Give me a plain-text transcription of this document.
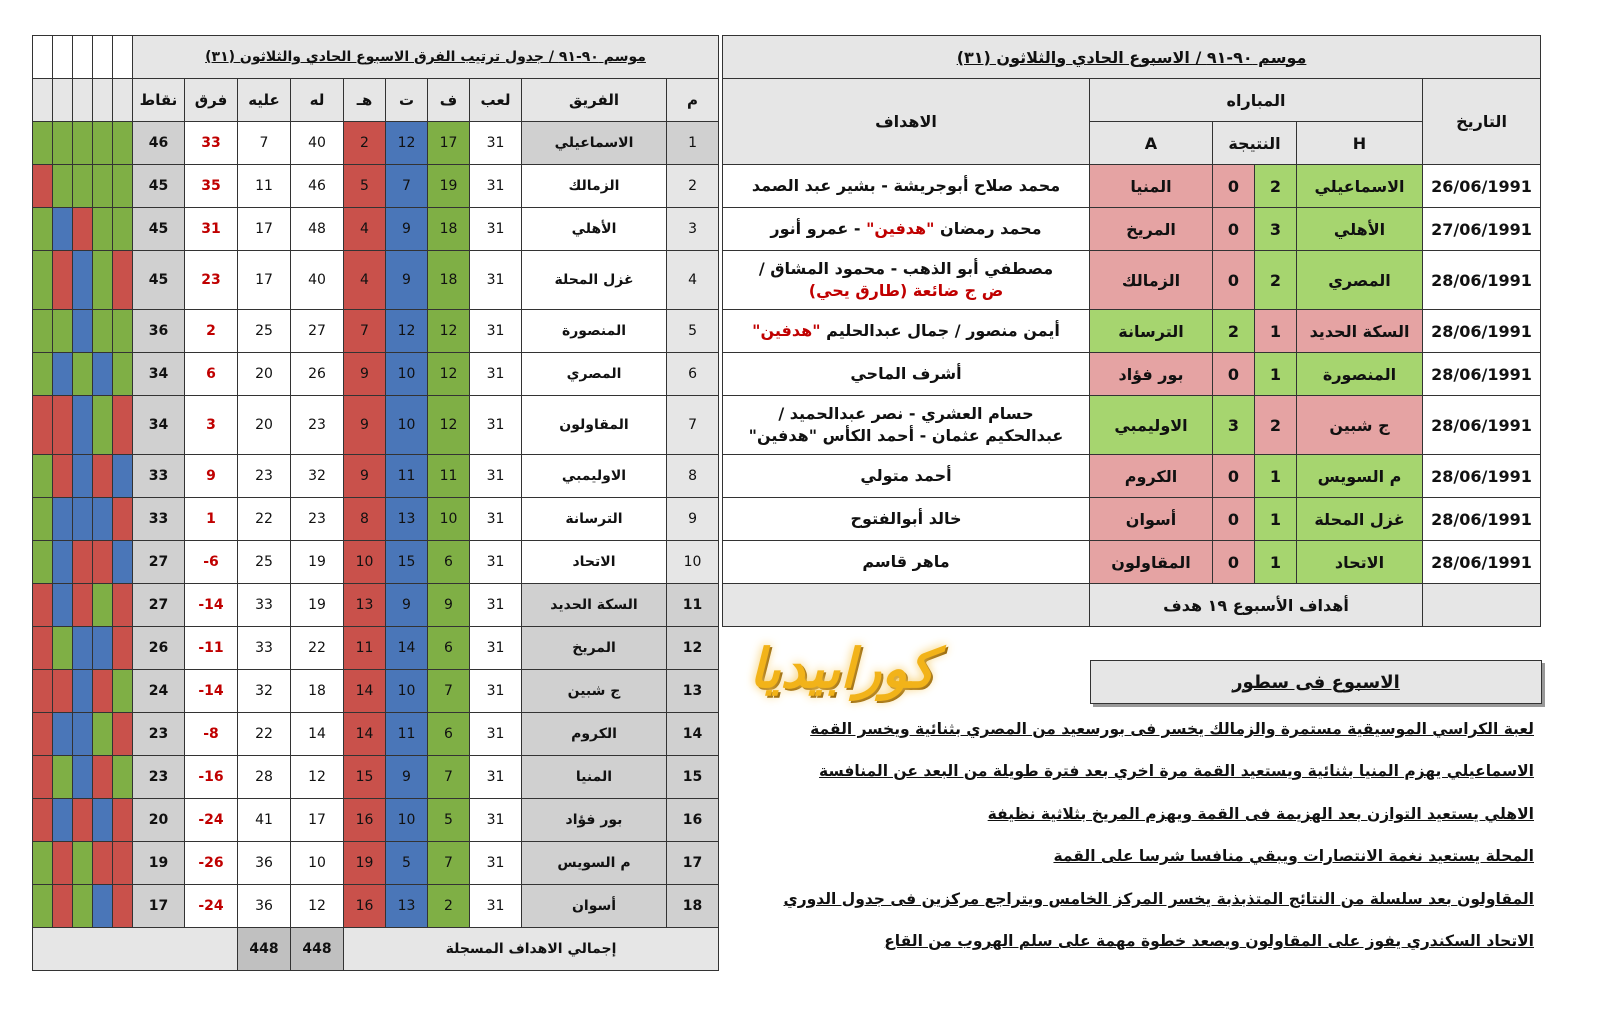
					موسم ٩٠-٩١ / جدول ترتيب الفرق الاسبوع الحادي والثلاثون (٣١)									
					نقاط	فرق	عليه	له	هـ	ت	ف	لعب	الفريق	م
					46	33	7	40	2	12	17	31	الاسماعيلي	1
					45	35	11	46	5	7	19	31	الزمالك	2
					45	31	17	48	4	9	18	31	الأهلي	3
					45	23	17	40	4	9	18	31	غزل المحلة	4
					36	2	25	27	7	12	12	31	المنصورة	5
					34	6	20	26	9	10	12	31	المصري	6
					34	3	20	23	9	10	12	31	المقاولون	7
					33	9	23	32	9	11	11	31	الاوليمبي	8
					33	1	22	23	8	13	10	31	الترسانة	9
					27	-6	25	19	10	15	6	31	الاتحاد	10
					27	-14	33	19	13	9	9	31	السكة الحديد	11
					26	-11	33	22	11	14	6	31	المريخ	12
					24	-14	32	18	14	10	7	31	ج شبين	13
					23	-8	22	14	14	11	6	31	الكروم	14
					23	-16	28	12	15	9	7	31	المنيا	15
					20	-24	41	17	16	10	5	31	بور فؤاد	16
					19	-26	36	10	19	5	7	31	م السويس	17
					17	-24	36	12	16	13	2	31	أسوان	18
							448	448	إجمالي الاهداف المسجلة					
موسم ٩٠-٩١ / الاسبوع الحادي والثلاثون (٣١)					
الاهداف	المباراه				التاريخ
	A	النتيجة		H	

محمد صلاح أبوجريشة - بشير عبد الصمد	المنيا	0	2	الاسماعيلي	26/06/1991

محمد رمضان "هدفين" - عمرو أنور	المريخ	0	3	الأهلي	27/06/1991

مصطفي أبو الذهب - محمود المشاق /
ض ج ضائعة (طارق يحي)	الزمالك	0	2	المصري	28/06/1991

أيمن منصور / جمال عبدالحليم "هدفين"	الترسانة	2	1	السكة الحديد	28/06/1991

أشرف الماحي	بور فؤاد	0	1	المنصورة	28/06/1991

حسام العشري - نصر عبدالحميد /
عبدالحكيم عثمان - أحمد الكأس "هدفين"	الاوليمبي	3	2	ج شبين	28/06/1991

أحمد متولي	الكروم	0	1	م السويس	28/06/1991

خالد أبوالفتوح	أسوان	0	1	غزل المحلة	28/06/1991

ماهر قاسم	المقاولون	0	1	الاتحاد	28/06/1991
	أهداف الأسبوع ١٩ هدف				
كورابيديا	الاسبوع فى سطور
لعبة الكراسي الموسيقية مستمرة والزمالك يخسر فى بورسعيد من المصري بثنائية ويخسر القمة
الاسماعيلي يهزم المنيا بثنائية ويستعيد القمة مرة اخري بعد فترة طويلة من البعد عن المنافسة
الاهلي يستعيد التوازن بعد الهزيمة فى القمة ويهزم المريخ بثلاثية نظيفة
المحلة يستعيد نغمة الانتصارات ويبقي منافسا شرسا على القمة
المقاولون بعد سلسلة من النتائج المتذبذبة يخسر المركز الخامس ويتراجع مركزين فى جدول الدوري
الاتحاد السكندري يفوز على المقاولون ويصعد خطوة مهمة على سلم الهروب من القاع
